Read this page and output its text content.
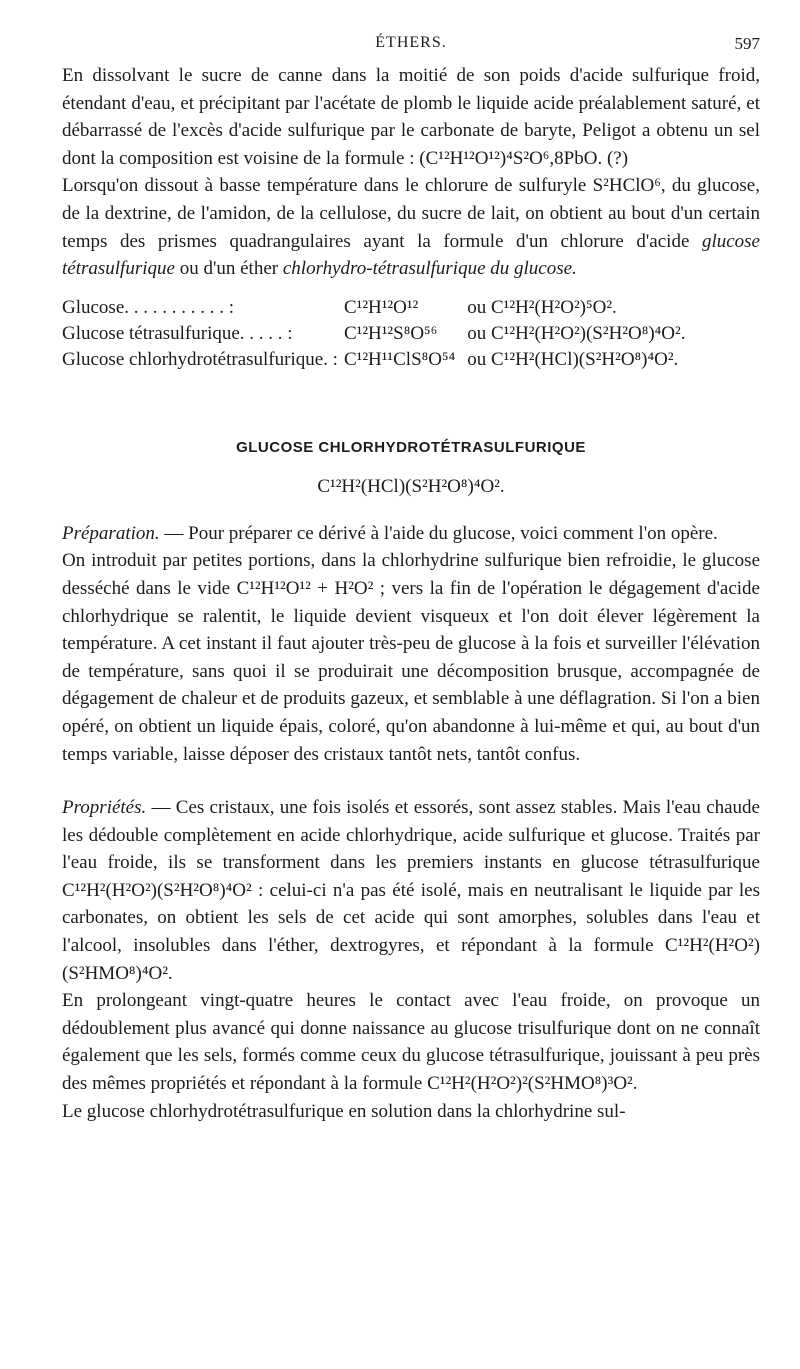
ÉTHERS.	597

En dissolvant le sucre de canne dans la moitié de son poids d'acide sulfurique froid, étendant d'eau, et précipitant par l'acétate de plomb le liquide acide préalablement saturé, et débarrassé de l'excès d'acide sulfurique par le carbonate de baryte, Peligot a obtenu un sel dont la composition est voisine de la formule : (C¹²H¹²O¹²)⁴S²O⁶,8PbO. (?)

Lorsqu'on dissout à basse température dans le chlorure de sulfuryle S²HClO⁶, du glucose, de la dextrine, de l'amidon, de la cellulose, du sucre de lait, on obtient au bout d'un certain temps des prismes quadrangulaires ayant la formule d'un chlorure d'acide glucose tétrasulfurique ou d'un éther chlorhydro-tétrasulfurique du glucose.

Glucose. . . . . . . . . . . :	C¹²H¹²O¹²	ou C¹²H²(H²O²)⁵O².
Glucose tétrasulfurique. . . . . :	C¹²H¹²S⁸O⁵⁶	ou C¹²H²(H²O²)(S²H²O⁸)⁴O².
Glucose chlorhydrotétrasulfurique. :	C¹²H¹¹ClS⁸O⁵⁴	ou C¹²H²(HCl)(S²H²O⁸)⁴O².
GLUCOSE CHLORHYDROTÉTRASULFURIQUE
C¹²H²(HCl)(S²H²O⁸)⁴O².

Préparation. — Pour préparer ce dérivé à l'aide du glucose, voici comment l'on opère.

On introduit par petites portions, dans la chlorhydrine sulfurique bien refroidie, le glucose desséché dans le vide C¹²H¹²O¹² + H²O² ; vers la fin de l'opération le dégagement d'acide chlorhydrique se ralentit, le liquide devient visqueux et l'on doit élever légèrement la température. A cet instant il faut ajouter très-peu de glucose à la fois et surveiller l'élévation de température, sans quoi il se produirait une décomposition brusque, accompagnée de dégagement de chaleur et de produits gazeux, et semblable à une déflagration. Si l'on a bien opéré, on obtient un liquide épais, coloré, qu'on abandonne à lui-même et qui, au bout d'un temps variable, laisse déposer des cristaux tantôt nets, tantôt confus.

Propriétés. — Ces cristaux, une fois isolés et essorés, sont assez stables. Mais l'eau chaude les dédouble complètement en acide chlorhydrique, acide sulfurique et glucose. Traités par l'eau froide, ils se transforment dans les premiers instants en glucose tétrasulfurique C¹²H²(H²O²)(S²H²O⁸)⁴O² : celui-ci n'a pas été isolé, mais en neutralisant le liquide par les carbonates, on obtient les sels de cet acide qui sont amorphes, solubles dans l'eau et l'alcool, insolubles dans l'éther, dextrogyres, et répondant à la formule C¹²H²(H²O²)(S²HMO⁸)⁴O².

En prolongeant vingt-quatre heures le contact avec l'eau froide, on provoque un dédoublement plus avancé qui donne naissance au glucose trisulfurique dont on ne connaît également que les sels, formés comme ceux du glucose tétrasulfurique, jouissant à peu près des mêmes propriétés et répondant à la formule C¹²H²(H²O²)²(S²HMO⁸)³O².

Le glucose chlorhydrotétrasulfurique en solution dans la chlorhydrine sul-
